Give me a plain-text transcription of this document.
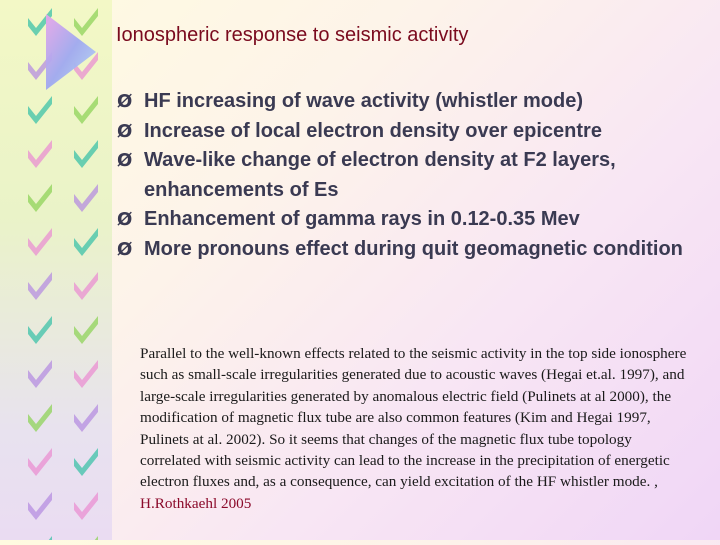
Ionospheric response to seismic activity
Ø HF increasing of wave activity (whistler mode)
Ø Increase of local electron density over epicentre
Ø Wave-like change of electron density at F2 layers, enhancements of Es
Ø Enhancement of gamma rays in 0.12-0.35 Mev
Ø More pronouns effect during quit geomagnetic condition

Parallel to the well-known effects related to the seismic activity in the top side ionosphere such as small-scale irregularities generated due to acoustic waves (Hegai et.al. 1997), and large-scale irregularities generated by anomalous electric field (Pulinets at al 2000), the modification of magnetic flux tube are also common features (Kim and Hegai 1997, Pulinets at al. 2002). So it seems that changes of the magnetic flux tube topology correlated with seismic activity can lead to the increase in the precipitation of energetic electron fluxes and, as a consequence, can yield excitation of the HF whistler mode. , H.Rothkaehl 2005
